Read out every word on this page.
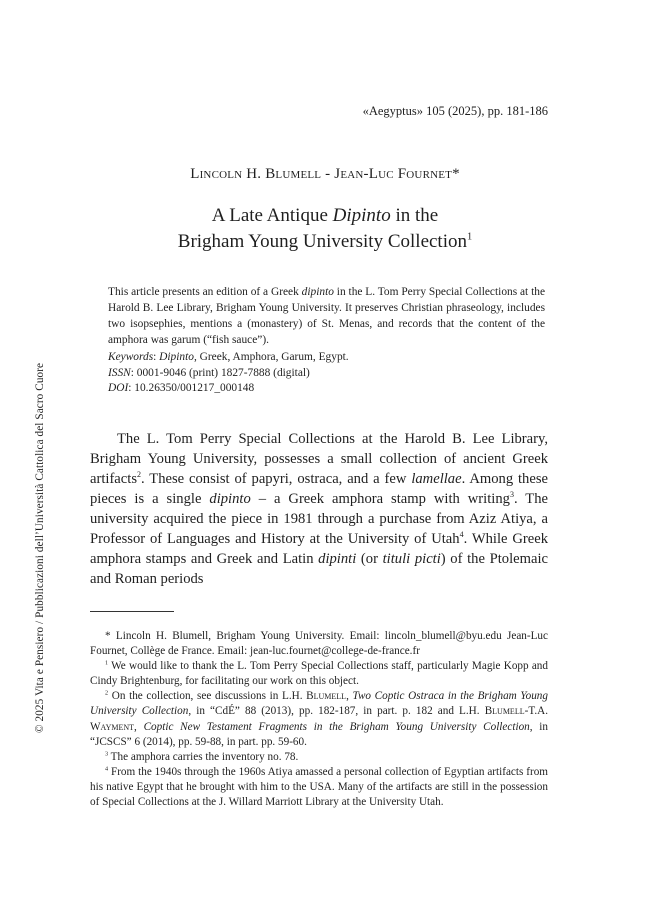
«Aegyptus» 105 (2025), pp. 181-186
Lincoln H. Blumell - Jean-Luc Fournet*
A Late Antique Dipinto in the
Brigham Young University Collection$^1$
This article presents an edition of a Greek dipinto in the L. Tom Perry Special Collections at the Harold B. Lee Library, Brigham Young University. It preserves Christian phraseology, includes two isopsephies, mentions a (monastery) of St. Menas, and records that the content of the amphora was garum (“fish sauce”).
Keywords: Dipinto, Greek, Amphora, Garum, Egypt.
ISSN: 0001-9046 (print) 1827-7888 (digital)
DOI: 10.26350/001217_000148

The L. Tom Perry Special Collections at the Harold B. Lee Library, Brigham Young University, possesses a small collection of ancient Greek artifacts$^2$. These consist of papyri, ostraca, and a few lamellae. Among these pieces is a single dipinto – a Greek amphora stamp with writing$^3$. The university acquired the piece in 1981 through a purchase from Aziz Atiya, a Professor of Languages and History at the University of Utah$^4$. While Greek amphora stamps and Greek and Latin dipinti (or tituli picti) of the Ptolemaic and Roman periods

* Lincoln H. Blumell, Brigham Young University. Email: lincoln_blumell@byu.edu Jean-Luc Fournet, Collège de France. Email: jean-luc.fournet@college-de-france.fr

$^1$ We would like to thank the L. Tom Perry Special Collections staff, particularly Magie Kopp and Cindy Brightenburg, for facilitating our work on this object.

$^2$ On the collection, see discussions in L.H. Blumell, Two Coptic Ostraca in the Brigham Young University Collection, in “CdÉ” 88 (2013), pp. 182-187, in part. p. 182 and L.H. Blumell-T.A. Wayment, Coptic New Testament Fragments in the Brigham Young University Collection, in “JCSCS” 6 (2014), pp. 59-88, in part. pp. 59-60.

$^3$ The amphora carries the inventory no. 78.

$^4$ From the 1940s through the 1960s Atiya amassed a personal collection of Egyptian artifacts from his native Egypt that he brought with him to the USA. Many of the artifacts are still in the possession of Special Collections at the J. Willard Marriott Library at the University Utah.

© 2025 Vita e Pensiero / Pubblicazioni dell’Università Cattolica del Sacro Cuore
